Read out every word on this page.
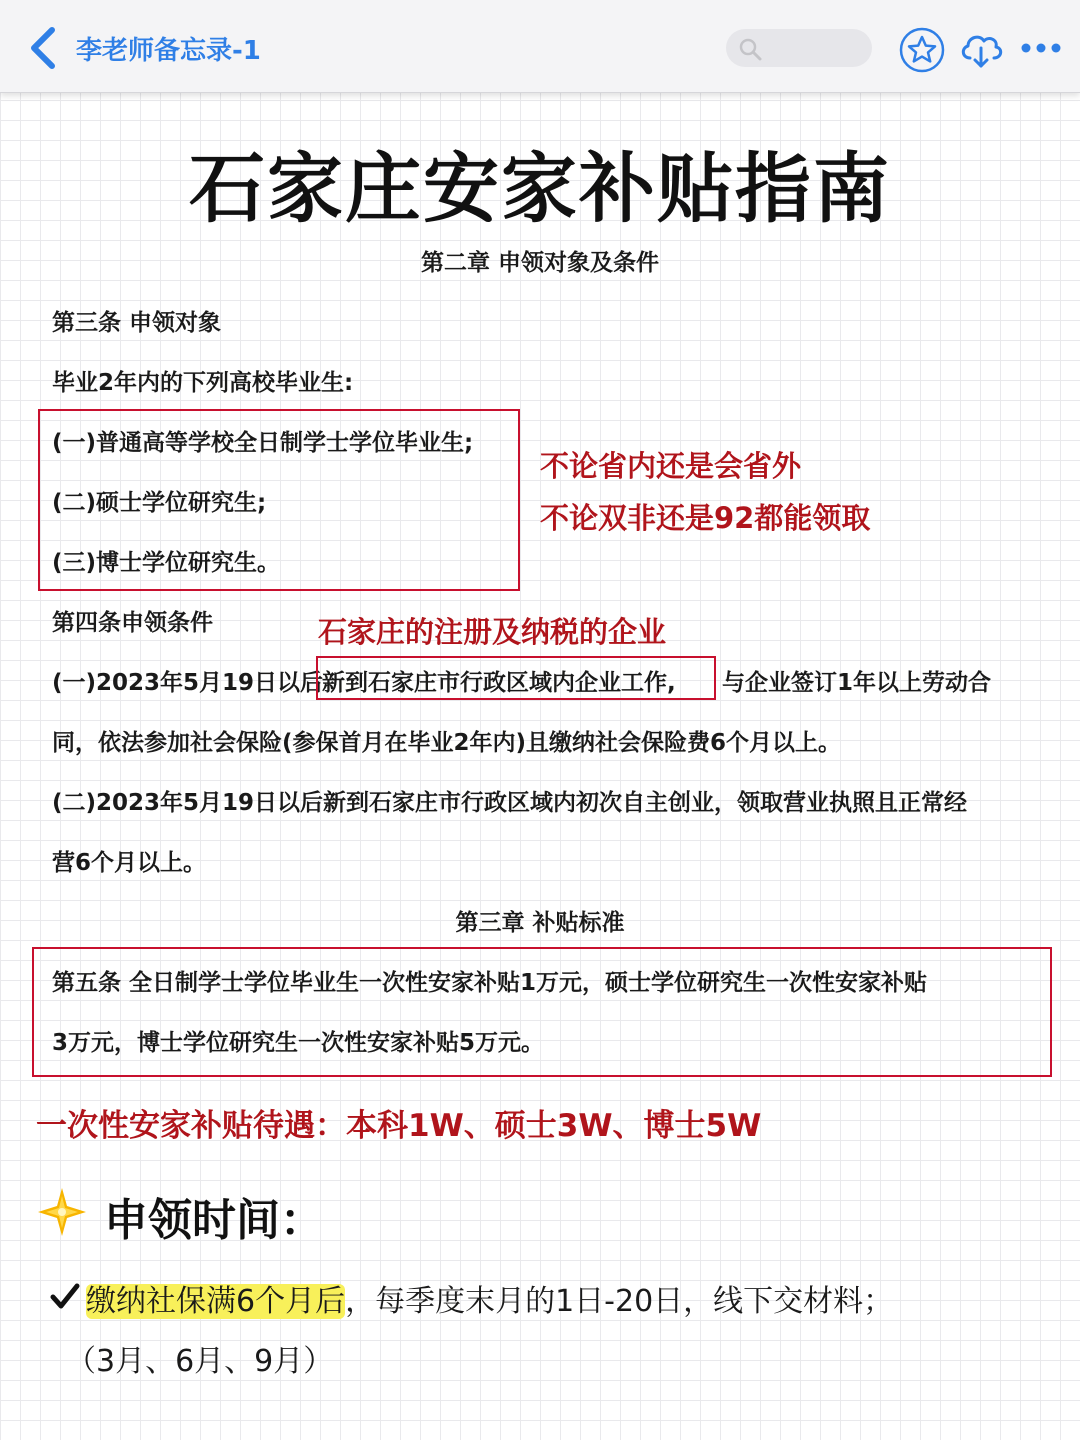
李老师备忘录-1
石家庄安家补贴指南
第二章 申领对象及条件
第三条 申领对象
毕业2年内的下列高校毕业生:
(一)普通高等学校全日制学士学位毕业生;
(二)硕士学位研究生;
(三)博士学位研究生。
不论省内还是会省外
不论双非还是92都能领取
第四条申领条件	石家庄的注册及纳税的企业
(一)2023年5月19日以后
新到石家庄市行政区域内企业工作, 与企业签订1年以上劳动合
同，依法参加社会保险(参保首月在毕业2年内)且缴纳社会保险费6个月以上。
(二)2023年5月19日以后新到石家庄市行政区域内初次自主创业，领取营业执照且正常经
营6个月以上。
第三章 补贴标准
第五条 全日制学士学位毕业生一次性安家补贴1万元，硕士学位研究生一次性安家补贴
3万元，博士学位研究生一次性安家补贴5万元。
一次性安家补贴待遇：本科1W、硕士3W、博士5W
申领时间：
缴纳社保满6个月后，每季度末月的1日-20日，线下交材料；
（3月、6月、9月）
